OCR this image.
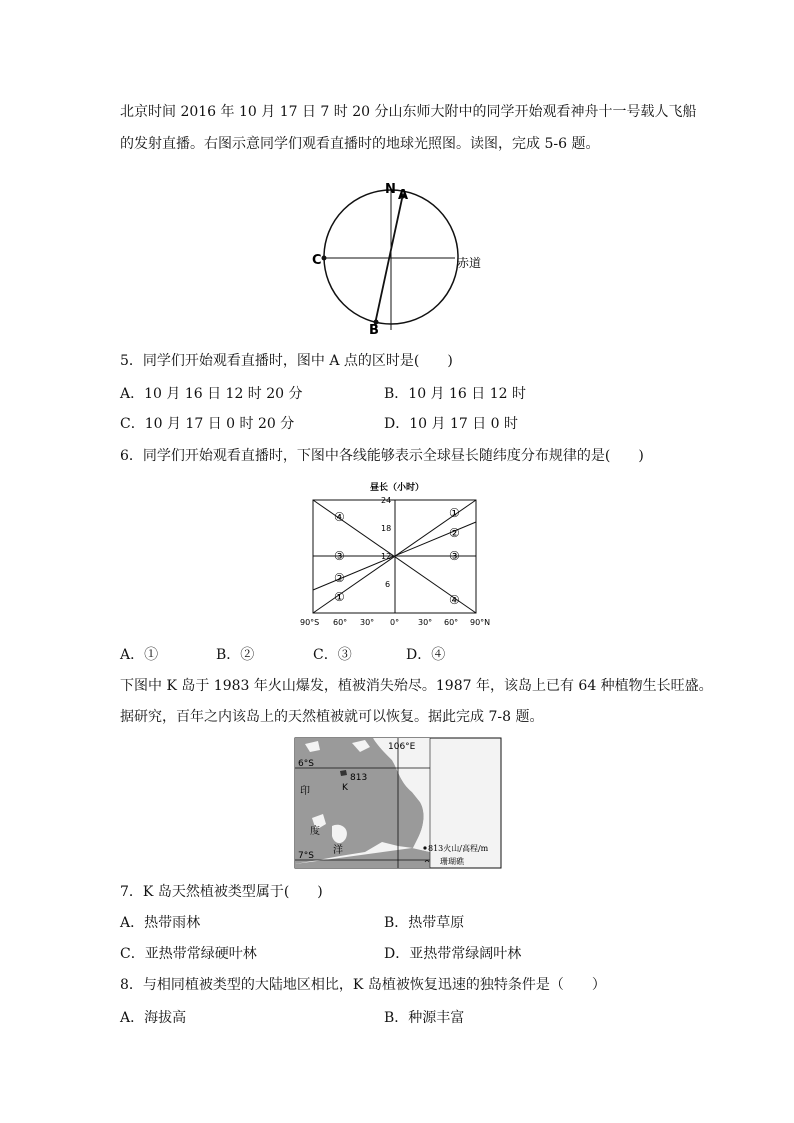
北京时间 2016 年 10 月 17 日 7 时 20 分山东师大附中的同学开始观看神舟十一号载人飞船
的发射直播。右图示意同学们观看直播时的地球光照图。读图，完成 5-6 题。
N A
B
C	赤道
5．同学们开始观看直播时，图中 A 点的区时是(　　)
A．10 月 16 日 12 时 20 分	B．10 月 16 日 12 时
C．10 月 17 日 0 时 20 分	D．10 月 17 日 0 时
6．同学们开始观看直播时，下图中各线能够表示全球昼长随纬度分布规律的是(　　)
昼长（小时）
24
18
12
6
90°S 60° 30° 0° 30° 60° 90°N
④
③
②
①
①
②
③
④
A．①	B．②	C．③	D．④
下图中 K 岛于 1983 年火山爆发，植被消失殆尽。1987 年，该岛上已有 64 种植物生长旺盛。
据研究，百年之内该岛上的天然植被就可以恢复。据此完成 7-8 题。
106°E
6°S
7°S
813
K
印
度
洋	813火山/高程/m
珊瑚礁
7．K 岛天然植被类型属于(　　)
A．热带雨林	B．热带草原
C．亚热带常绿硬叶林	D．亚热带常绿阔叶林
8．与相同植被类型的大陆地区相比，K 岛植被恢复迅速的独特条件是（　　）
A．海拔高	B．种源丰富
